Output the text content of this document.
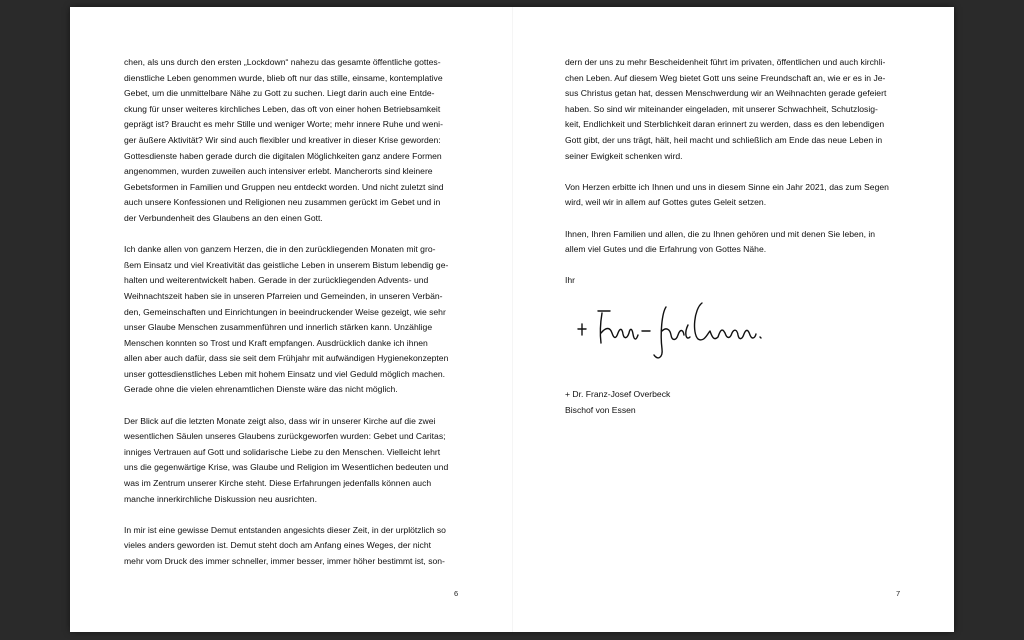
chen, als uns durch den ersten „Lockdown“ nahezu das gesamte öffentliche gottes-
dienstliche Leben genommen wurde, blieb oft nur das stille, einsame, kontemplative
Gebet, um die unmittelbare Nähe zu Gott zu suchen. Liegt darin auch eine Entde-
ckung für unser weiteres kirchliches Leben, das oft von einer hohen Betriebsamkeit
geprägt ist? Braucht es mehr Stille und weniger Worte; mehr innere Ruhe und weni-
ger äußere Aktivität? Wir sind auch flexibler und kreativer in dieser Krise geworden:
Gottesdienste haben gerade durch die digitalen Möglichkeiten ganz andere Formen
angenommen, wurden zuweilen auch intensiver erlebt. Mancherorts sind kleinere
Gebetsformen in Familien und Gruppen neu entdeckt worden. Und nicht zuletzt sind
auch unsere Konfessionen und Religionen neu zusammen gerückt im Gebet und in
der Verbundenheit des Glaubens an den einen Gott.

Ich danke allen von ganzem Herzen, die in den zurückliegenden Monaten mit gro-
ßem Einsatz und viel Kreativität das geistliche Leben in unserem Bistum lebendig ge-
halten und weiterentwickelt haben. Gerade in der zurückliegenden Advents- und
Weihnachtszeit haben sie in unseren Pfarreien und Gemeinden, in unseren Verbän-
den, Gemeinschaften und Einrichtungen in beeindruckender Weise gezeigt, wie sehr
unser Glaube Menschen zusammenführen und innerlich stärken kann. Unzählige
Menschen konnten so Trost und Kraft empfangen. Ausdrücklich danke ich ihnen
allen aber auch dafür, dass sie seit dem Frühjahr mit aufwändigen Hygienekonzepten
unser gottesdienstliches Leben mit hohem Einsatz und viel Geduld möglich machen.
Gerade ohne die vielen ehrenamtlichen Dienste wäre das nicht möglich.

Der Blick auf die letzten Monate zeigt also, dass wir in unserer Kirche auf die zwei
wesentlichen Säulen unseres Glaubens zurückgeworfen wurden: Gebet und Caritas;
inniges Vertrauen auf Gott und solidarische Liebe zu den Menschen. Vielleicht lehrt
uns die gegenwärtige Krise, was Glaube und Religion im Wesentlichen bedeuten und
was im Zentrum unserer Kirche steht. Diese Erfahrungen jedenfalls können auch
manche innerkirchliche Diskussion neu ausrichten.

In mir ist eine gewisse Demut entstanden angesichts dieser Zeit, in der urplötzlich so
vieles anders geworden ist. Demut steht doch am Anfang eines Weges, der nicht
mehr vom Druck des immer schneller, immer besser, immer höher bestimmt ist, son-

dern der uns zu mehr Bescheidenheit führt im privaten, öffentlichen und auch kirchli-
chen Leben. Auf diesem Weg bietet Gott uns seine Freundschaft an, wie er es in Je-
sus Christus getan hat, dessen Menschwerdung wir an Weihnachten gerade gefeiert
haben. So sind wir miteinander eingeladen, mit unserer Schwachheit, Schutzlosig-
keit, Endlichkeit und Sterblichkeit daran erinnert zu werden, dass es den lebendigen
Gott gibt, der uns trägt, hält, heil macht und schließlich am Ende das neue Leben in
seiner Ewigkeit schenken wird.

Von Herzen erbitte ich Ihnen und uns in diesem Sinne ein Jahr 2021, das zum Segen
wird, weil wir in allem auf Gottes gutes Geleit setzen.

Ihnen, Ihren Familien und allen, die zu Ihnen gehören und mit denen Sie leben, in
allem viel Gutes und die Erfahrung von Gottes Nähe.

Ihr

+ Dr. Franz-Josef Overbeck
Bischof von Essen
6	7
